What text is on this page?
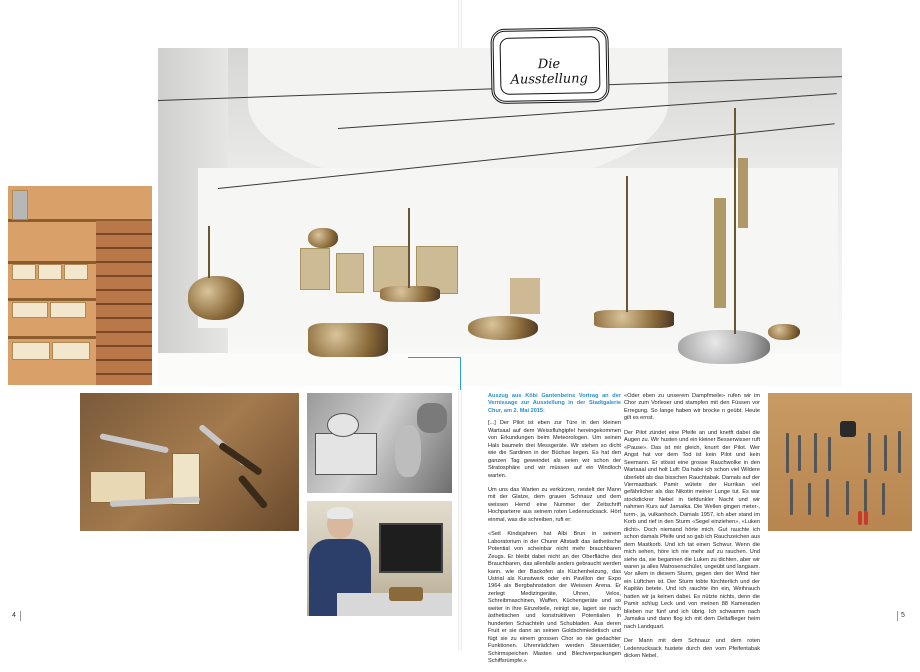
Die Ausstellung

Auszug aus Köbi Gantenbeins Vortrag an der Vernissage zur Ausstellung in der Stadtgalerie Chur, am 2. Mai 2015:

[...] Der Pilot ist eben zur Türe in den kleinen Wartsaal auf dem Weissfluhgipfel hereingekommen von Erkundungen beim Meteorologen. Um seinen Hals baumeln drei Messgeräte. Wir stehen so dicht wie die Sardinen in der Büchse liegen. Es hat den ganzen Tag geweindet als seien wir schon der Stratosphäre und wir müssen auf ein Windloch warten.

Um uns das Warten zu verkürzen, nestelt der Mann mit der Glatze, dem grauen Schnauz und dem weissen Hemd eine Nummer der Zeitschrift Hochparterre aus seinem roten Ledenrucksack. Hört einmal, was die schreiben, ruft er:

«Seit Kindsjahren hat Albi Brun in seinem Laboratorium in der Churer Altstadt das ästhetische Potential von scheinbar nicht mehr brauchbaren Zeugs. Er bleibt dabei nicht an der Oberfläche des Brauchbaren, das allenfalls anders gebraucht werden kann, wie der Backofen als Küchenheizung, das Ustrial als Kunstwerk oder ein Pavillon der Expo 1964 als Bergbahnstation der Weissen Arena. Er zerlegt Medizingeräte, Uhren, Velos, Schreibmaschinen, Waffen, Küchengeräte und so weiter in ihre Einzelteile, reinigt sie, lagert sie nach ästhetischen und konstruktiven Potentialen in hunderten Schachteln und Schubladen. Aus deren Fruit er sie dann an seinen Goldschmiedetisch und fügt sie zu einem grossen Chor so nie gedachter Funktionen. Uhrenrädchen werden Steuerräder, Schirmspeichen Masten und Blechverpackungen Schiffsrümpfe.»

«Oder eben zu unserem Dampfmeile» rufen wir im Chor zum Vorleser und stampfen mit den Füssen vor Erregung. So lange haben wir brocke n geübt. Heute gilt es ernst.

Der Pilot zündet eine Pfeife an und knetft dabei die Augen zu. Wir husten und ein kleiner Besserwisser ruft «Pause». Das ist mir gleich, knurrt der Pilot. Wer Angst hat vor dem Tod ist kein Pilot und kein Seemann. Er stösst eine grosse Rauchwolke in den Wartsaal und holt Luft: Da habe ich schon viel Wildere überlebt als das bisschen Rauchtabak. Damals auf der Viermastbark Pamir wütete der Hurrikan viel gefährlicher als das Nikotin meiner Lunge tut. Es war stockdickrer Nebel in tiefdunkler Nacht und wir nahmen Kurs auf Jamaika. Die Wellen gingen meter-, turm-, ja, vulkanhoch. Damals 1957, ich aber stand im Korb und rief in den Sturm «Segel einziehen», «Luken dicht». Doch niemand hörte mich. Gut rauchte ich schon damals Pfeife und so gab ich Rauchzeichen aus dem Mastkorb. Und ich tat einen Schwur. Wenn die mich sehen, höre ich nie mehr auf zu rauchen. Und siehe da, sie begannen die Luken zu dichten, aber wir waren ja alles Matrosenschüler, ungeübt und langsam. Vor allem in diesem Sturm, gegen den der Wind hier ein Lüftchen ist. Der Sturm tobte fürchterlich und der Kapitän betete. Und ich rauchte ihn ein, Weihrauch hatten wir ja keinen dabei. Es nützte nichts, denn die Pamir schlug Leck und von meinen 88 Kameraden blieben nur fünf und ich übrig. Ich schwamm nach Jamaika und dann flog ich mit dem Deltaflieger heim nach Landquart.

Der Mann mit dem Schnauz und dem roten Ledenrucksack hustete durch den vom Pfeifentabak dicken Nebel.

4	5
